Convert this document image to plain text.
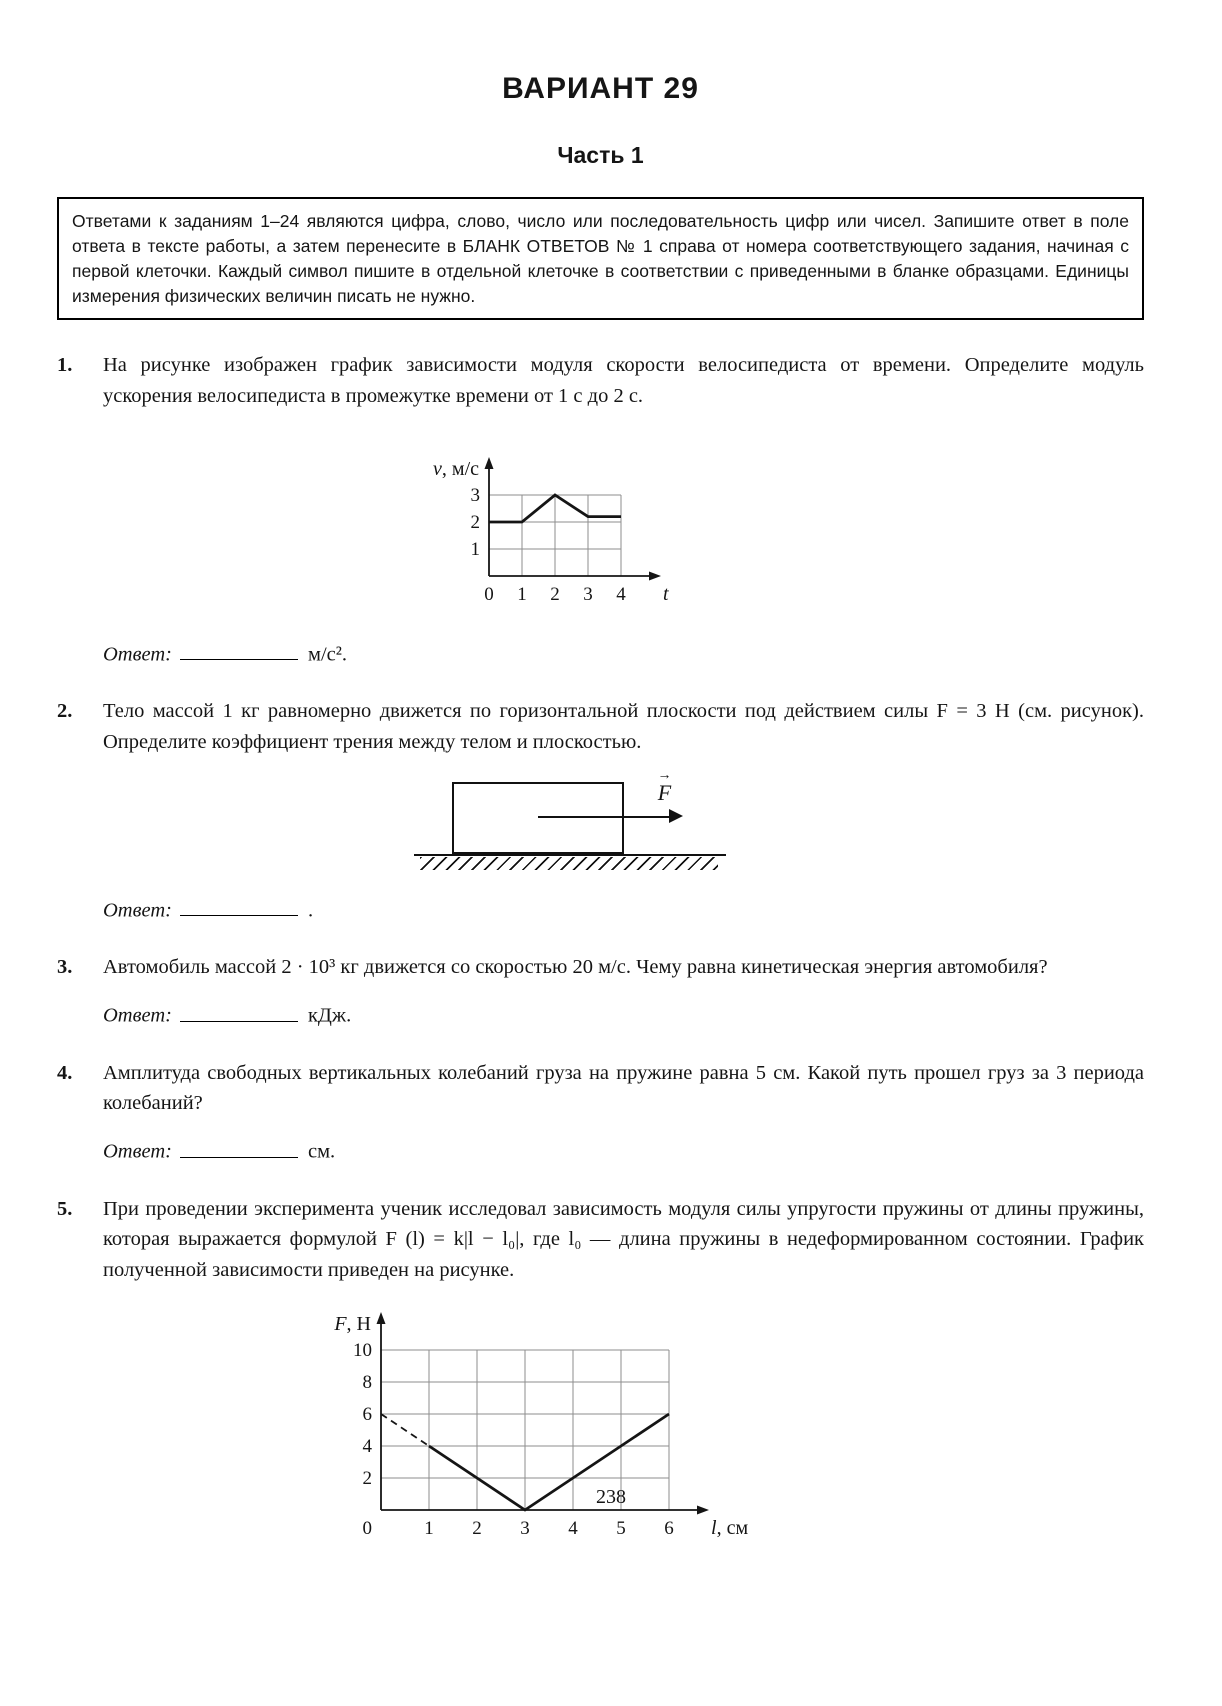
ВАРИАНТ 29
Часть 1
Ответами к заданиям 1–24 являются цифра, слово, число или последовательность цифр или чисел. Запишите ответ в поле ответа в тексте работы, а затем перенесите в БЛАНК ОТВЕТОВ № 1 справа от номера соответствующего задания, начиная с первой клеточки. Каждый символ пишите в отдельной клеточке в соответствии с приведенными в бланке образцами. Единицы измерения физических величин писать не нужно.
1.	На рисунке изображен график зависимости модуля скорости велосипедиста от времени. Определите модуль ускорения велосипедиста в промежутке времени от 1 с до 2 с.
0 1 2 3 4
1
2
3
v, м/с
t
Ответ:	м/с².
2.	Тело массой 1 кг равномерно движется по горизонтальной плоскости под действием силы F = 3 Н (см. рисунок). Определите коэффициент трения между телом и плоскостью.
→
F
Ответ:	.
3.	Автомобиль массой 2 · 10³ кг движется со скоростью 20 м/с. Чему равна кинетическая энергия автомобиля?
Ответ:	кДж.
4.	Амплитуда свободных вертикальных колебаний груза на пружине равна 5 см. Какой путь прошел груз за 3 периода колебаний?
Ответ:	см.
5.	При проведении эксперимента ученик исследовал зависимость модуля силы упругости пружины от длины пружины, которая выражается формулой F (l) = k|l − l₀|, где l₀ — длина пружины в недеформированном состоянии. График полученной зависимости приведен на рисунке.
1 2 3 4 5 6
2
4
6
8
10
0
F, Н
l, см
238
